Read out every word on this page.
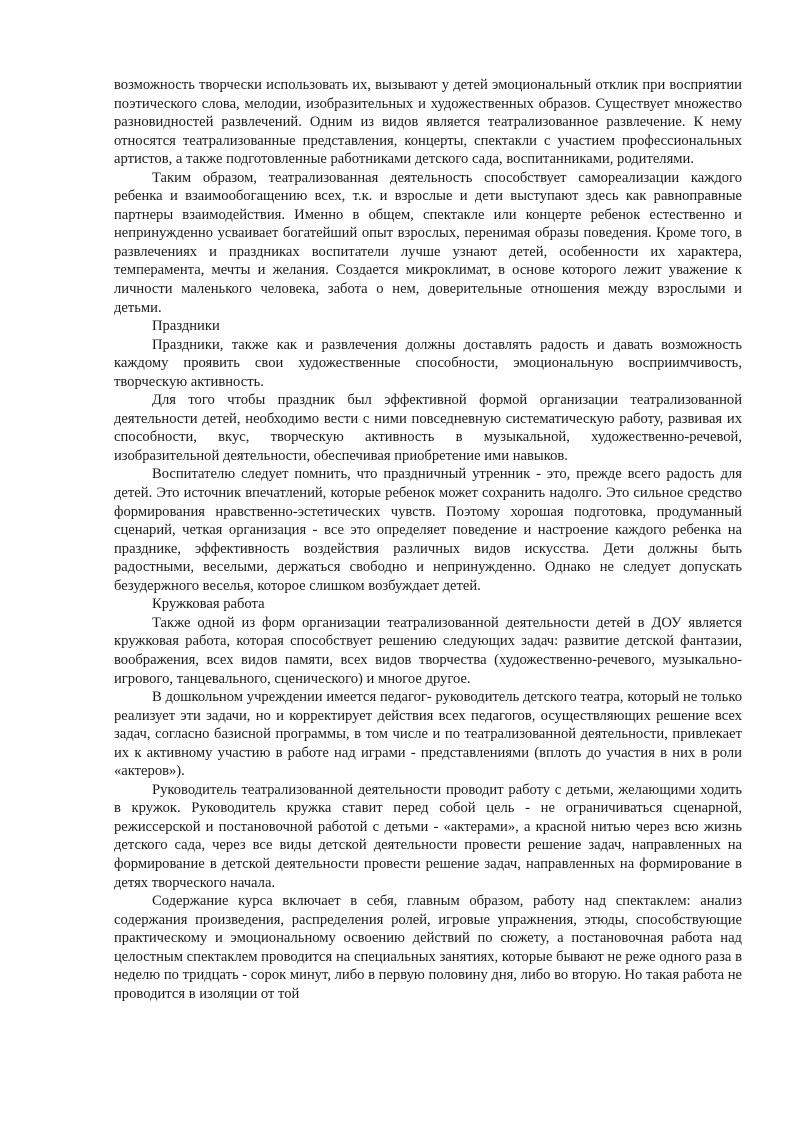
возможность творчески использовать их, вызывают у детей эмоциональный отклик при восприятии поэтического слова, мелодии, изобразительных и художественных образов. Существует множество разновидностей развлечений. Одним из видов является театрализованное развлечение. К нему относятся театрализованные представления, концерты, спектакли с участием профессиональных артистов, а также подготовленные работниками детского сада, воспитанниками, родителями.

Таким образом, театрализованная деятельность способствует самореализации каждого ребенка и взаимообогащению всех, т.к. и взрослые и дети выступают здесь как равноправные партнеры взаимодействия. Именно в общем, спектакле или концерте ребенок естественно и непринужденно усваивает богатейший опыт взрослых, перенимая образы поведения. Кроме того, в развлечениях и праздниках воспитатели лучше узнают детей, особенности их характера, темперамента, мечты и желания. Создается микроклимат, в основе которого лежит уважение к личности маленького человека, забота о нем, доверительные отношения между взрослыми и детьми.

Праздники

Праздники, также как и развлечения должны доставлять радость и давать возможность каждому проявить свои художественные способности, эмоциональную восприимчивость, творческую активность.

Для того чтобы праздник был эффективной формой организации театрализованной деятельности детей, необходимо вести с ними повседневную систематическую работу, развивая их способности, вкус, творческую активность в музыкальной, художественно-речевой, изобразительной деятельности, обеспечивая приобретение ими навыков.

Воспитателю следует помнить, что праздничный утренник - это, прежде всего радость для детей. Это источник впечатлений, которые ребенок может сохранить надолго. Это сильное средство формирования нравственно-эстетических чувств. Поэтому хорошая подготовка, продуманный сценарий, четкая организация - все это определяет поведение и настроение каждого ребенка на празднике, эффективность воздействия различных видов искусства. Дети должны быть радостными, веселыми, держаться свободно и непринужденно. Однако не следует допускать безудержного веселья, которое слишком возбуждает детей.

Кружковая работа

Также одной из форм организации театрализованной деятельности детей в ДОУ является кружковая работа, которая способствует решению следующих задач: развитие детской фантазии, воображения, всех видов памяти, всех видов творчества (художественно-речевого, музыкально-игрового, танцевального, сценического) и многое другое.

В дошкольном учреждении имеется педагог- руководитель детского театра, который не только реализует эти задачи, но и корректирует действия всех педагогов, осуществляющих решение всех задач, согласно базисной программы, в том числе и по театрализованной деятельности, привлекает их к активному участию в работе над играми - представлениями (вплоть до участия в них в роли «актеров»).

Руководитель театрализованной деятельности проводит работу с детьми, желающими ходить в кружок. Руководитель кружка ставит перед собой цель - не ограничиваться сценарной, режиссерской и постановочной работой с детьми - «актерами», а красной нитью через всю жизнь детского сада, через все виды детской деятельности провести решение задач, направленных на формирование в детской деятельности провести решение задач, направленных на формирование в детях творческого начала.

Содержание курса включает в себя, главным образом, работу над спектаклем: анализ содержания произведения, распределения ролей, игровые упражнения, этюды, способствующие практическому и эмоциональному освоению действий по сюжету, а постановочная работа над целостным спектаклем проводится на специальных занятиях, которые бывают не реже одного раза в неделю по тридцать - сорок минут, либо в первую половину дня, либо во вторую. Но такая работа не проводится в изоляции от той
